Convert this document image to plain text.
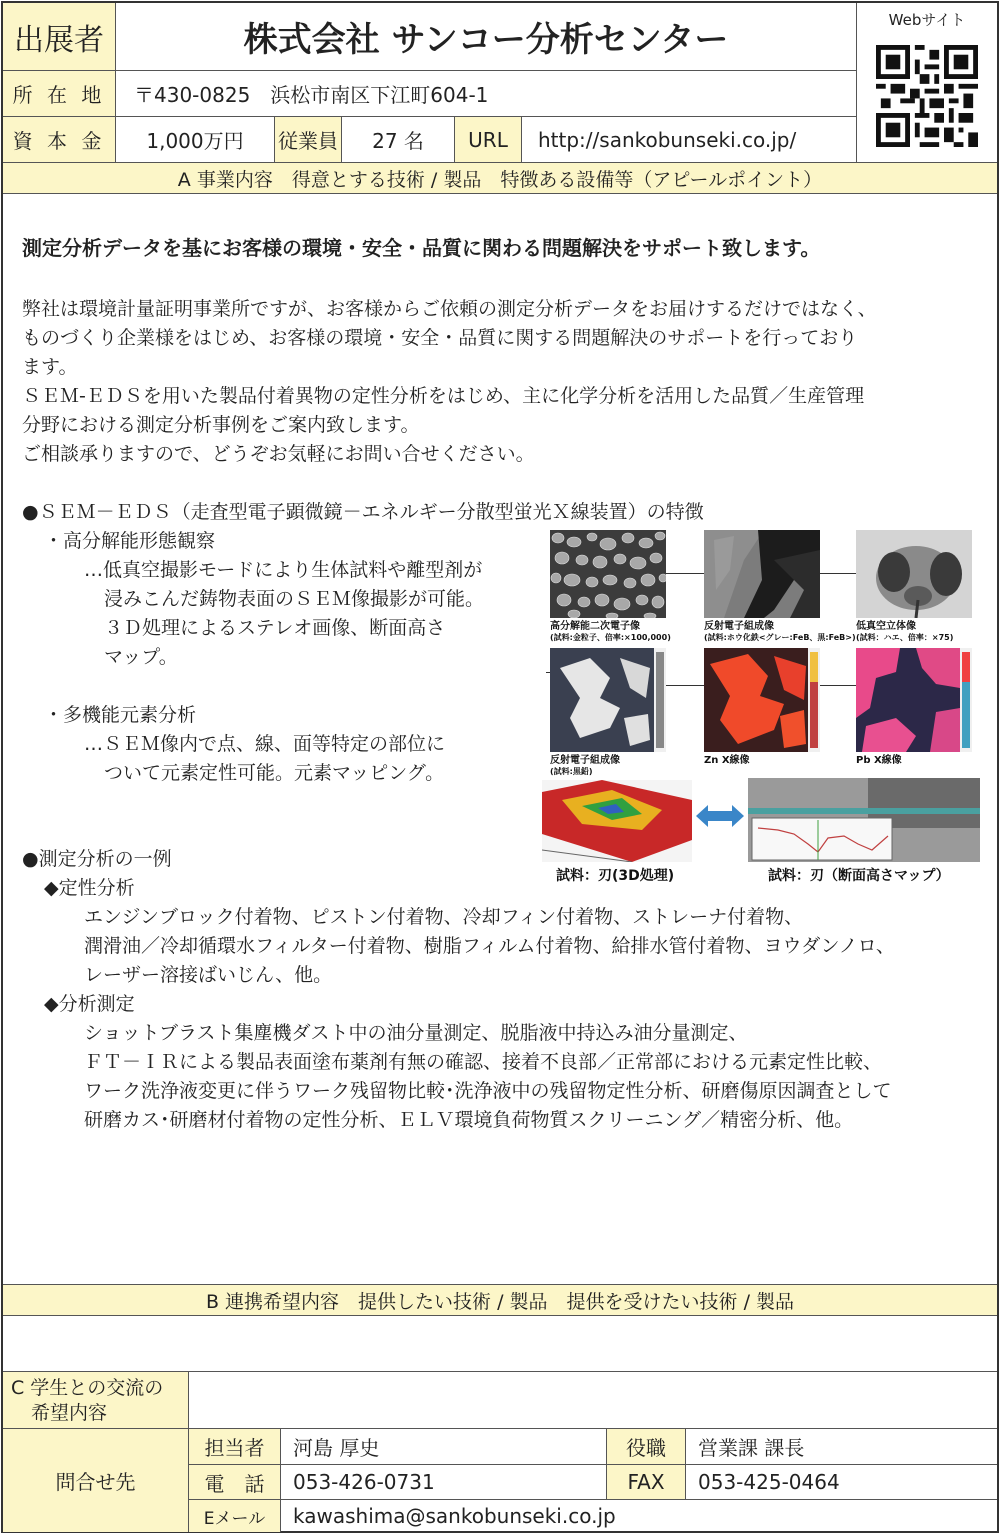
出展者	株式会社 サンコー分析センター
所 在 地 〒430-0825　浜松市南区下江町604-1
資 本 金 1,000万円 従業員 27 名 URL http://sankobunseki.co.jp/
Webサイト
A 事業内容　得意とする技術 / 製品　特徴ある設備等（アピールポイント）
測定分析データを基にお客様の環境・安全・品質に関わる問題解決をサポート致します。
弊社は環境計量証明事業所ですが、お客様からご依頼の測定分析データをお届けするだけではなく、
ものづくり企業様をはじめ、お客様の環境・安全・品質に関する問題解決のサポートを行っており
ます。
ＳＥＭ-ＥＤＳを用いた製品付着異物の定性分析をはじめ、主に化学分析を活用した品質／生産管理
分野における測定分析事例をご案内致します。
ご相談承りますので、どうぞお気軽にお問い合せください。
●ＳＥＭ－ＥＤＳ（走査型電子顕微鏡－エネルギー分散型蛍光Ｘ線装置）の特徴
・高分解能形態観察
…低真空撮影モードにより生体試料や離型剤が
浸みこんだ鋳物表面のＳＥＭ像撮影が可能。
３Ｄ処理によるステレオ画像、断面高さ
マップ。
・多機能元素分析
…ＳＥＭ像内で点、線、面等特定の部位に
ついて元素定性可能。元素マッピング。
高分解能二次電子像
(試料:金粒子、倍率:×100,000)
反射電子組成像
(試料:ホウ化鉄<グレー:FeB、黒:FeB>)
低真空立体像
(試料：ハエ、倍率：×75)
反射電子組成像
(試料:黒鉛)
Zn X線像	Pb X線像
試料：刃(3D処理)	試料：刃（断面高さマップ）
●測定分析の一例
◆定性分析
エンジンブロック付着物、ピストン付着物、冷却フィン付着物、ストレーナ付着物、
潤滑油／冷却循環水フィルター付着物、樹脂フィルム付着物、給排水管付着物、ヨウダンノロ、
レーザー溶接ばいじん、他。
◆分析測定
ショットブラスト集塵機ダスト中の油分量測定、脱脂液中持込み油分量測定、
ＦＴ－ＩＲによる製品表面塗布薬剤有無の確認、接着不良部／正常部における元素定性比較、
ワーク洗浄液変更に伴うワーク残留物比較･洗浄液中の残留物定性分析、研磨傷原因調査として
研磨カス･研磨材付着物の定性分析、ＥＬＶ環境負荷物質スクリーニング／精密分析、他。
B 連携希望内容　提供したい技術 / 製品　提供を受けたい技術 / 製品
C 学生との交流の
希望内容
問合せ先
担当者 河島 厚史	役職 営業課 課長
電　話 053-426-0731	FAX 053-425-0464
Eメール kawashima@sankobunseki.co.jp
